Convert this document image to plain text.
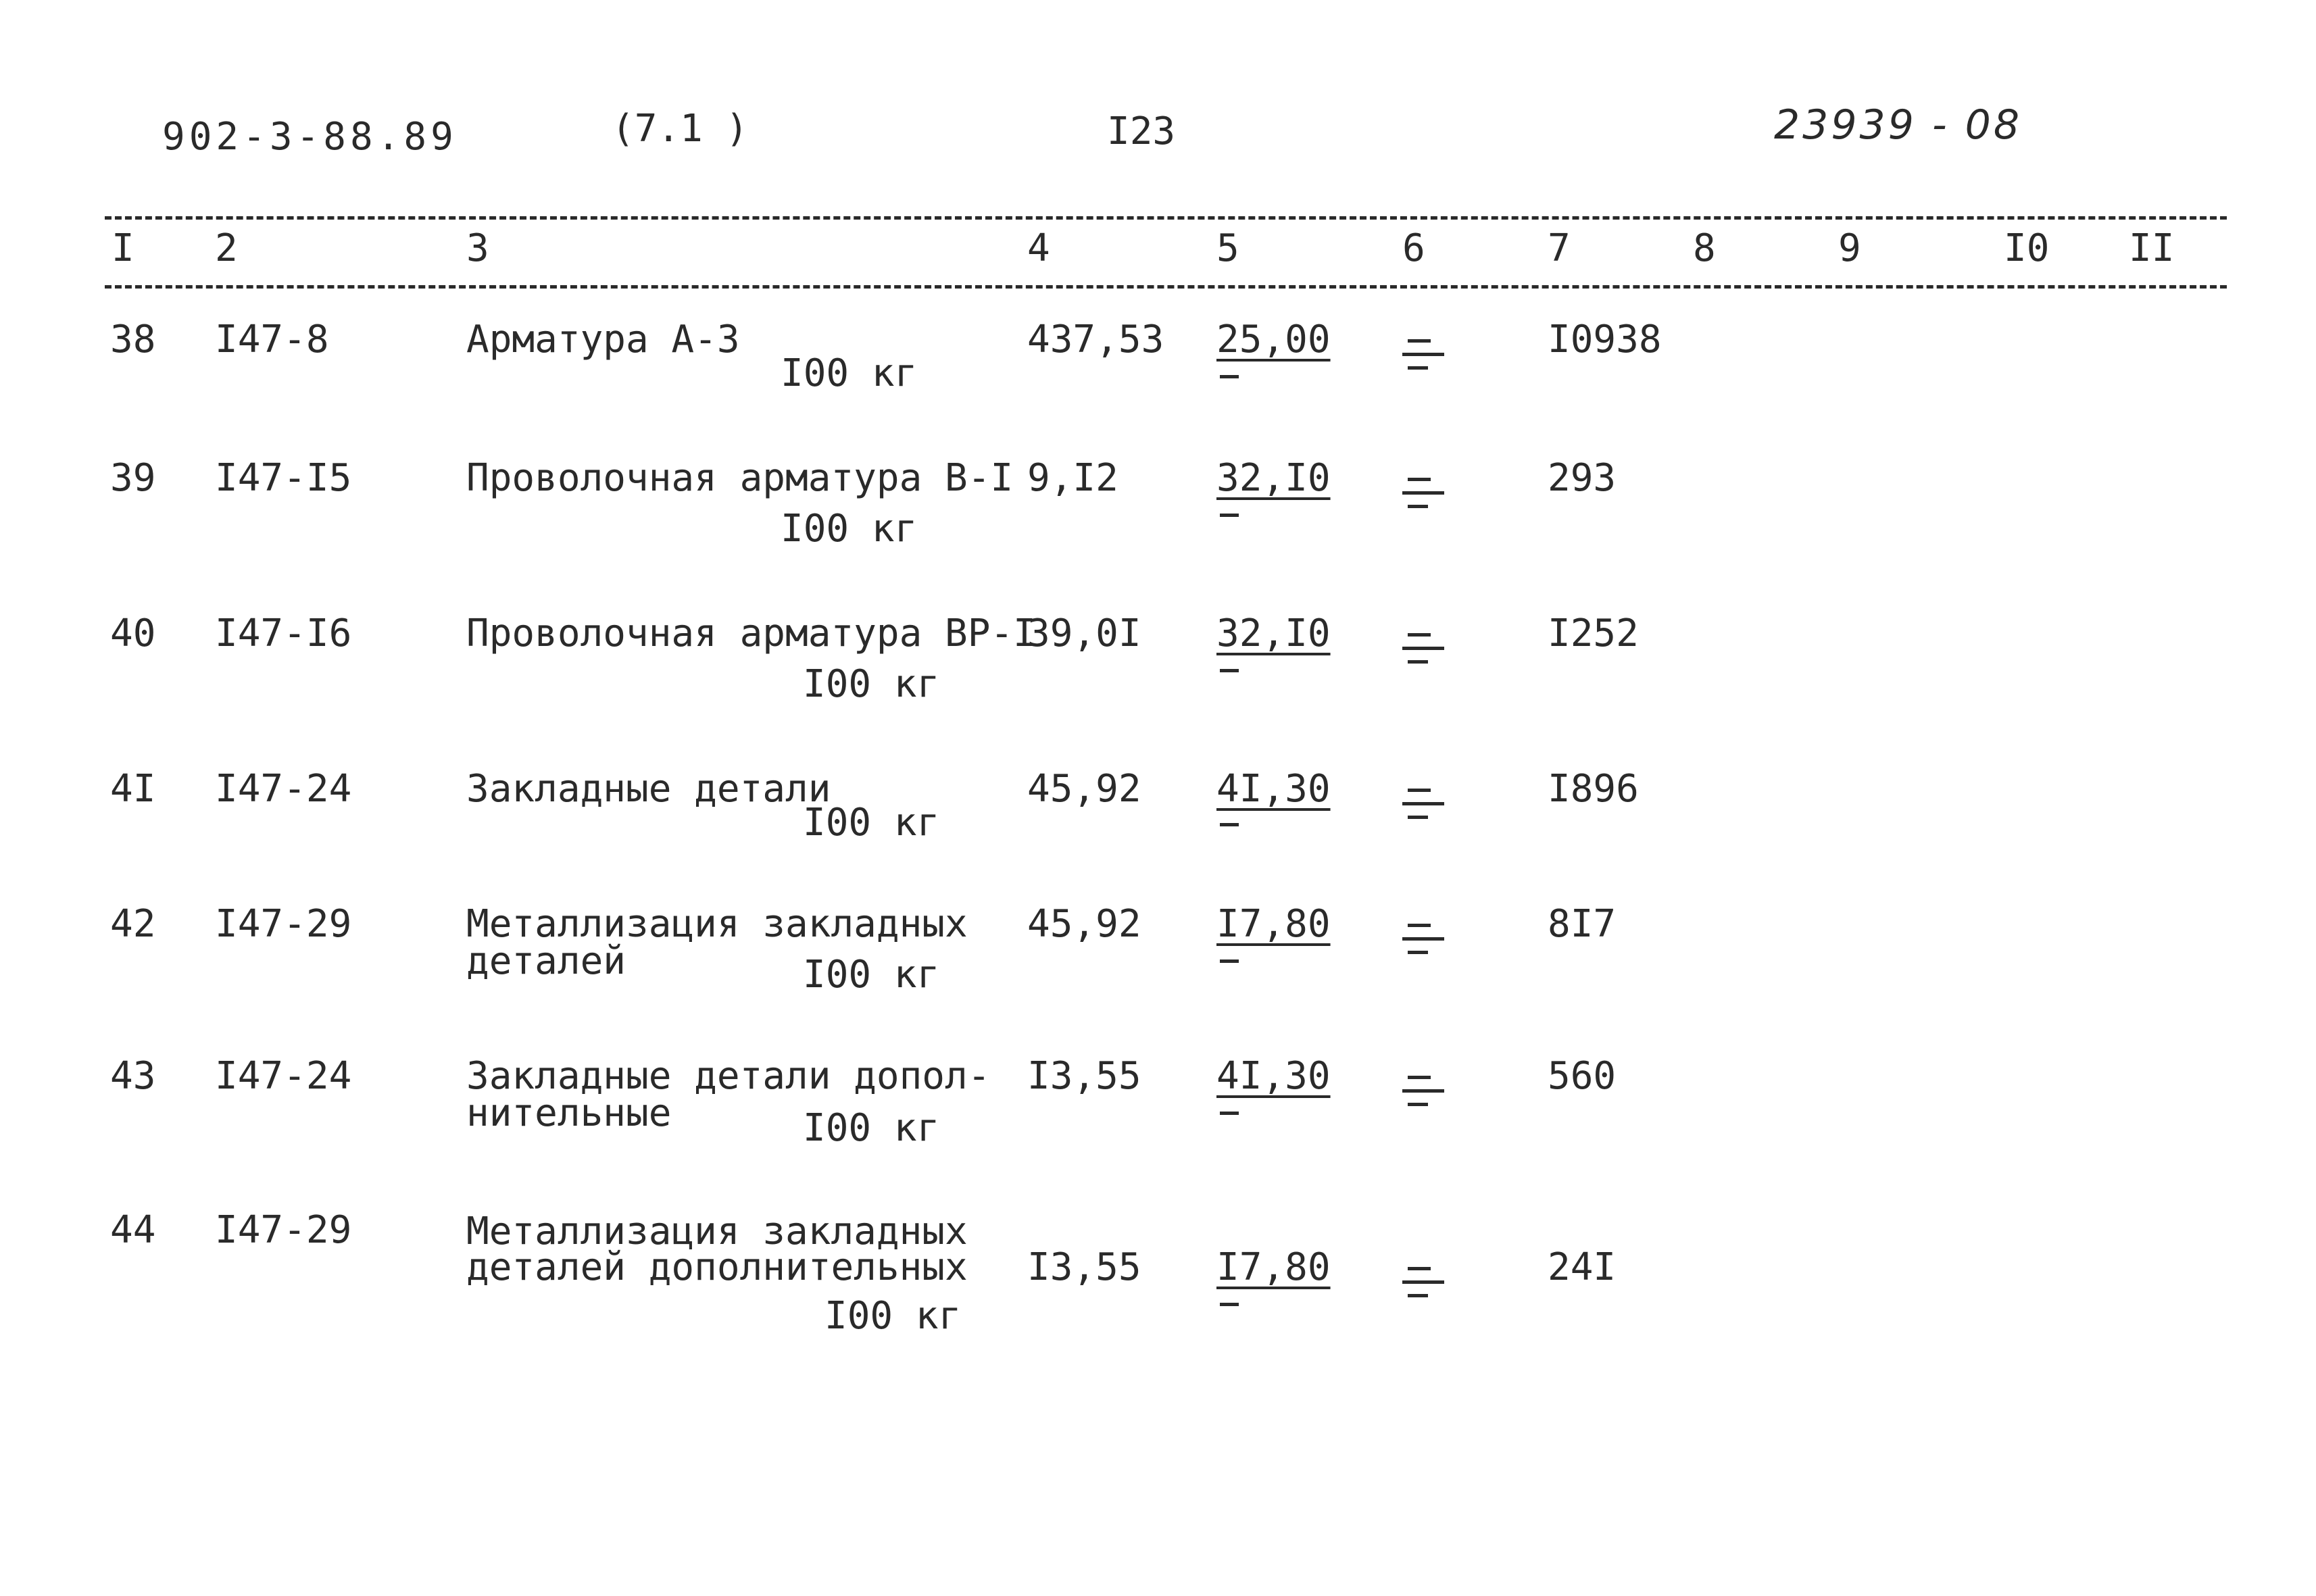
902-3-88.89	(7.1 )	I23	23939 - 08
I 2	3	4	5	6	7	8	9	I0 II
38 I47-8	Арматура А-3
I00 кг
437,53 25,00	I0938
39 I47-I5	Проволочная арматура В-I
I00 кг
9,I2	32,I0	293
40 I47-I6	Проволочная арматура ВР-I
I00 кг
39,0I 32,I0	I252
4I I47-24	Закладные детали
I00 кг
45,92 4I,30	I896
42 I47-29	Металлизация закладных
деталей	I00 кг
45,92 I7,80	8I7
43 I47-24	Закладные детали допол-
нительные	I00 кг
I3,55 4I,30	560
44 I47-29	Металлизация закладных
деталей дополнительных
I00 кг
I3,55 I7,80	24I
